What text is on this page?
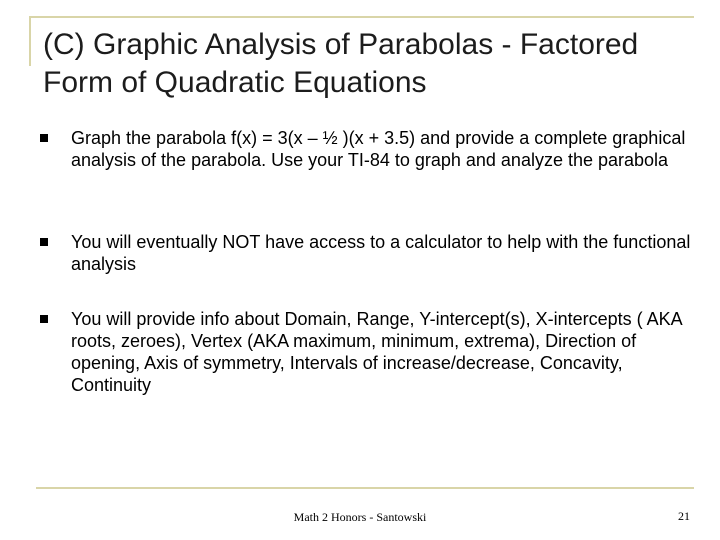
(C) Graphic Analysis of Parabolas - Factored Form of Quadratic Equations

Graph the parabola f(x) = 3(x – ½ )(x + 3.5) and provide a complete graphical analysis of the parabola. Use your TI-84 to graph and analyze the parabola

You will eventually NOT have access to a calculator to help with the functional analysis

You will provide info about Domain, Range, Y-intercept(s), X-intercepts ( AKA roots, zeroes), Vertex (AKA maximum, minimum, extrema), Direction of opening, Axis of symmetry, Intervals of increase/decrease, Concavity, Continuity

Math 2 Honors - Santowski	21
